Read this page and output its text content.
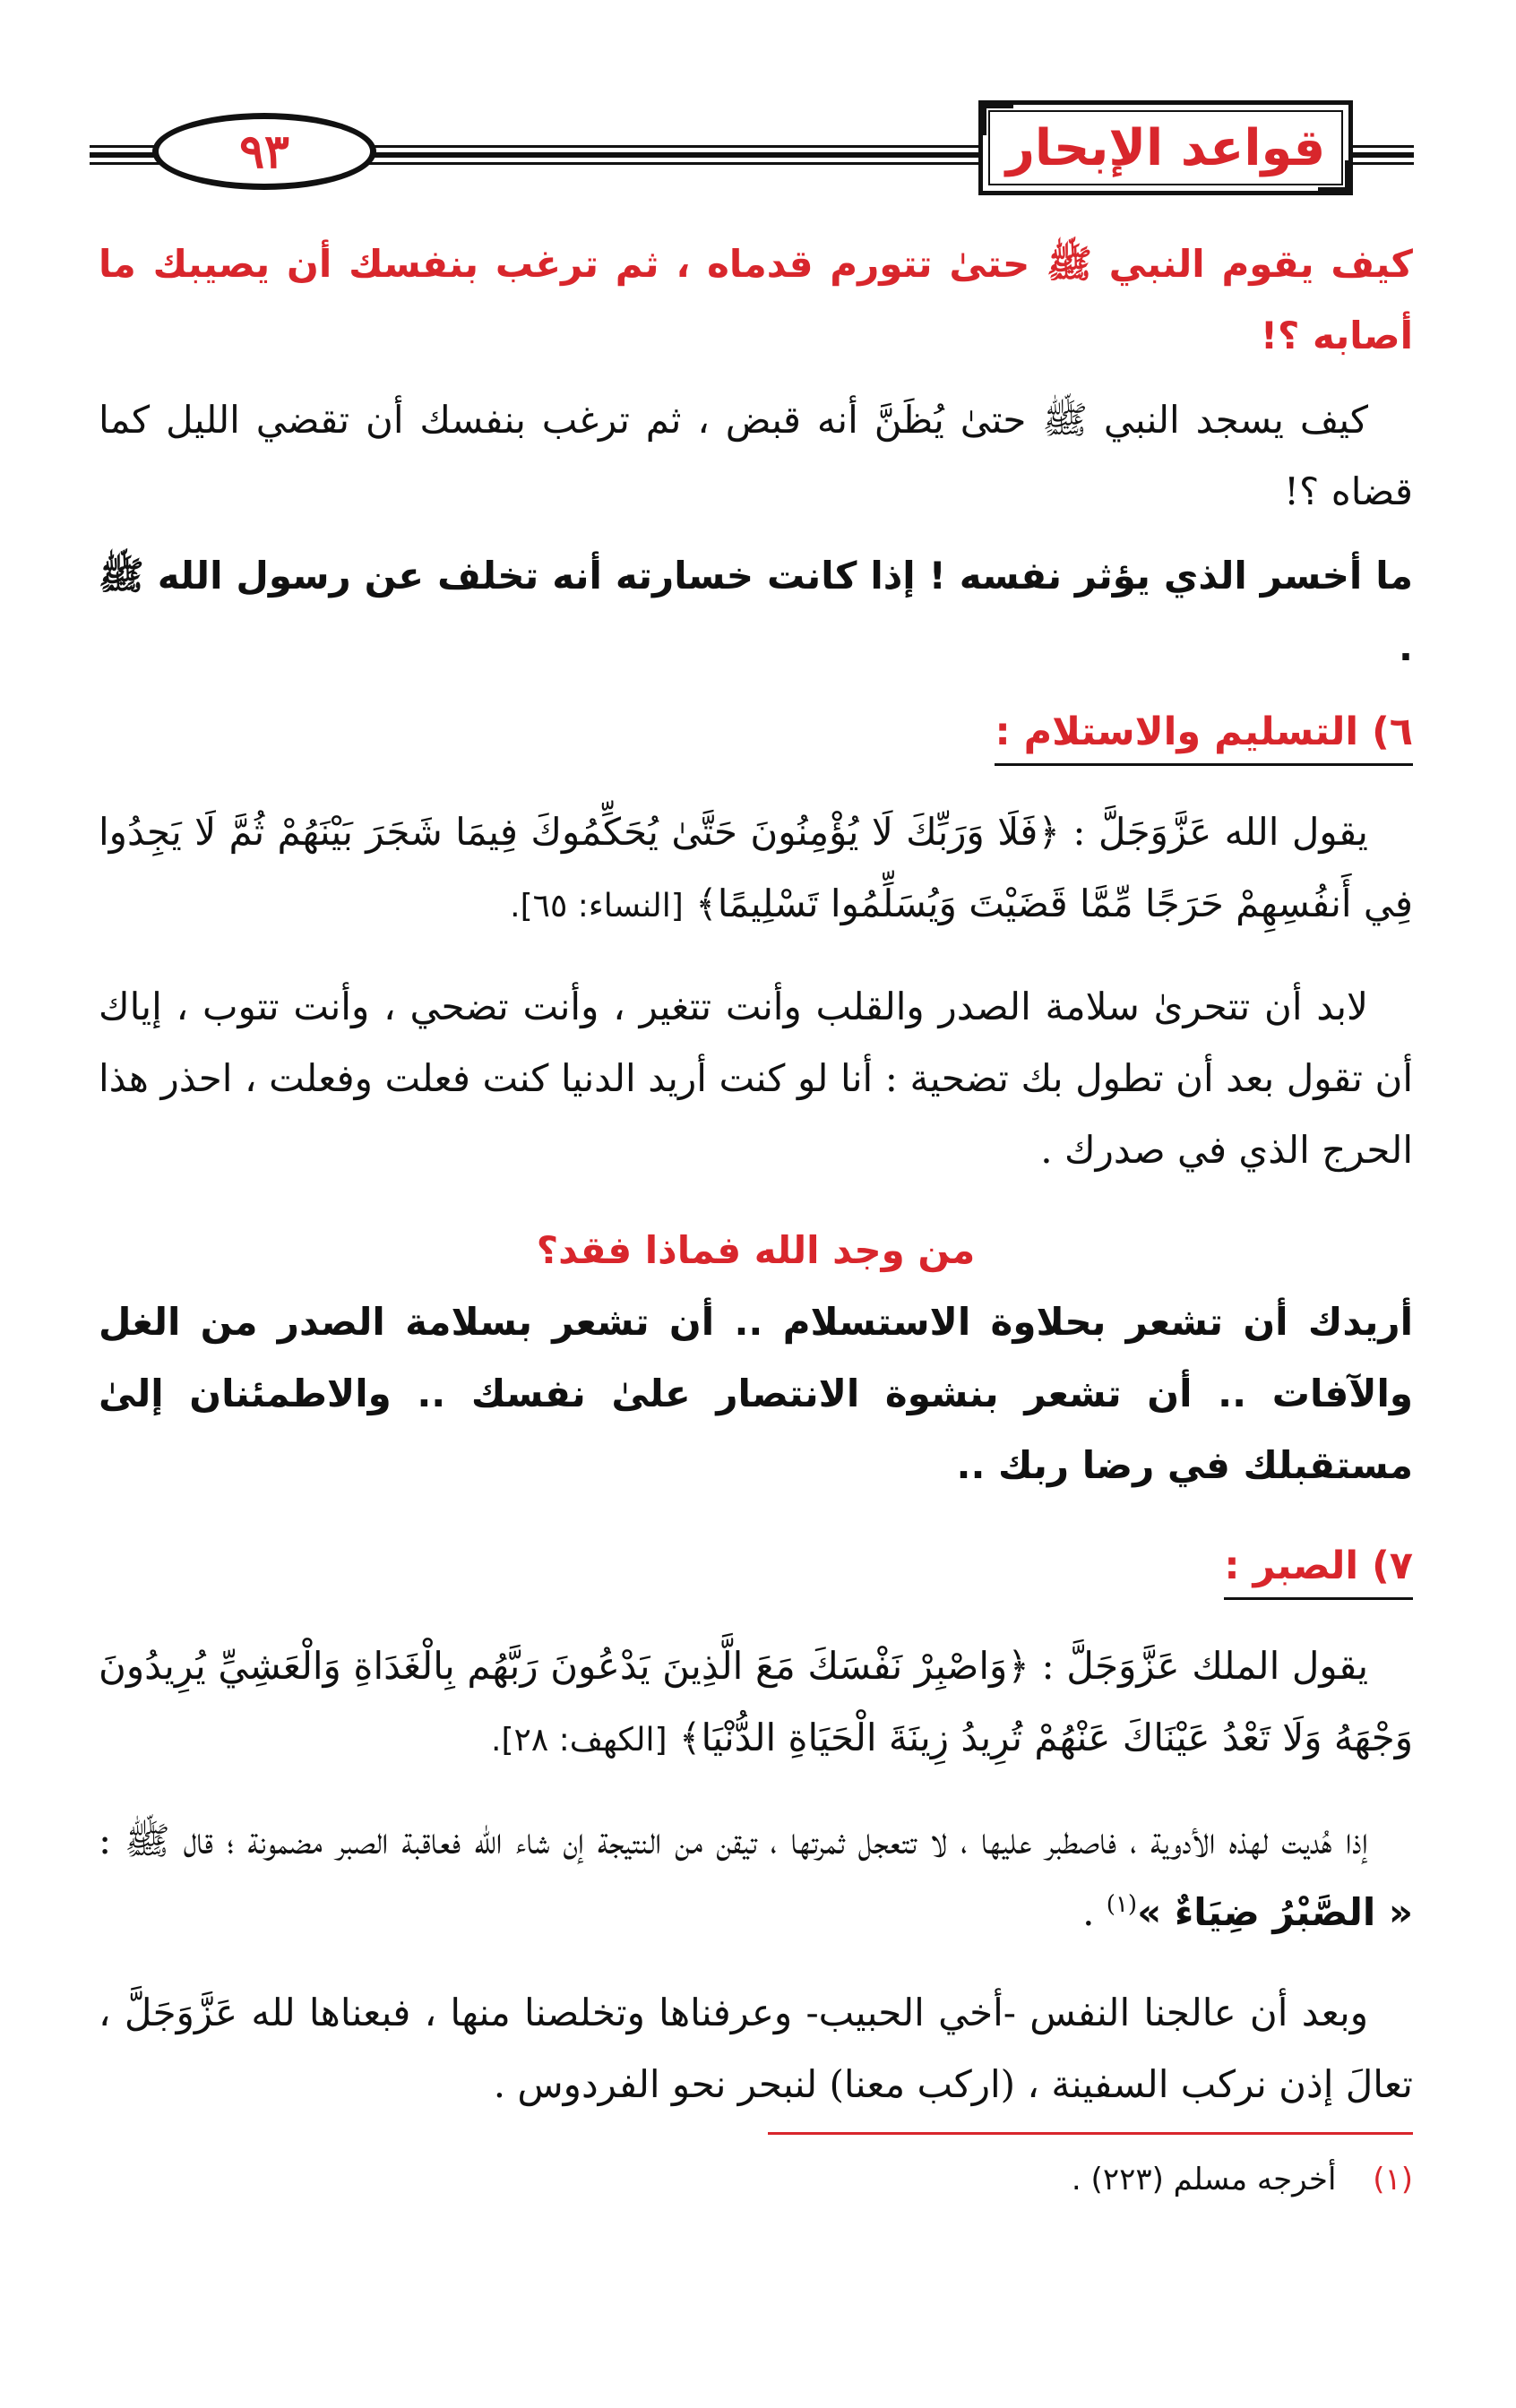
٩٣	قواعد الإبحار

كيف يقوم النبي ﷺ حتىٰ تتورم قدماه ، ثم ترغب بنفسك أن يصيبك ما أصابه ؟!

كيف يسجد النبي ﷺ حتىٰ يُظَنَّ أنه قبض ، ثم ترغب بنفسك أن تقضي الليل كما قضاه ؟!

ما أخسر الذي يؤثر نفسه ! إذا كانت خسارته أنه تخلف عن رسول الله ﷺ .

٦) التسليم والاستلام :

يقول الله عَزَّوَجَلَّ : ﴿فَلَا وَرَبِّكَ لَا يُؤْمِنُونَ حَتَّىٰ يُحَكِّمُوكَ فِيمَا شَجَرَ بَيْنَهُمْ ثُمَّ لَا يَجِدُوا فِي أَنفُسِهِمْ حَرَجًا مِّمَّا قَضَيْتَ وَيُسَلِّمُوا تَسْلِيمًا﴾ [النساء: ٦٥].

لابد أن تتحرىٰ سلامة الصدر والقلب وأنت تتغير ، وأنت تضحي ، وأنت تتوب ، إياك أن تقول بعد أن تطول بك تضحية : أنا لو كنت أريد الدنيا كنت فعلت وفعلت ، احذر هذا الحرج الذي في صدرك .

من وجد الله فماذا فقد؟

أريدك أن تشعر بحلاوة الاستسلام .. أن تشعر بسلامة الصدر من الغل والآفات .. أن تشعر بنشوة الانتصار علىٰ نفسك .. والاطمئنان إلىٰ مستقبلك في رضا ربك ..

٧) الصبر :

يقول الملك عَزَّوَجَلَّ : ﴿وَاصْبِرْ نَفْسَكَ مَعَ الَّذِينَ يَدْعُونَ رَبَّهُم بِالْغَدَاةِ وَالْعَشِيِّ يُرِيدُونَ وَجْهَهُ وَلَا تَعْدُ عَيْنَاكَ عَنْهُمْ تُرِيدُ زِينَةَ الْحَيَاةِ الدُّنْيَا﴾ [الكهف: ٢٨].

إذا هُديت لهذه الأدوية ، فاصطبر عليها ، لا تتعجل ثمرتها ، تيقن من النتيجة إن شاء الله فعاقبة الصبر مضمونة ؛ قال ﷺ : « الصَّبْرُ ضِيَاءٌ »$^{(١)}$ .

وبعد أن عالجنا النفس -أخي الحبيب- وعرفناها وتخلصنا منها ، فبعناها لله عَزَّوَجَلَّ ، تعالَ إذن نركب السفينة ، (اركب معنا) لنبحر نحو الفردوس .

(١) أخرجه مسلم (٢٢٣) .
